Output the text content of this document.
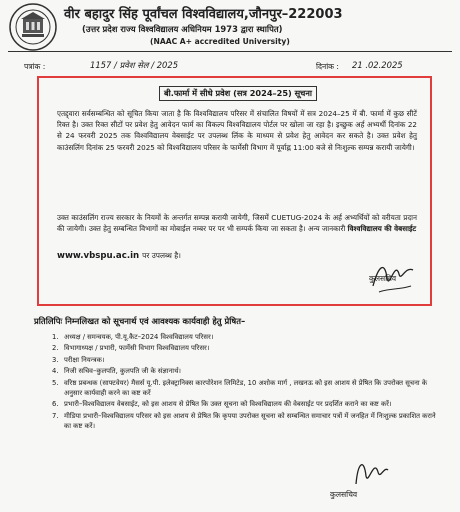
वीर बहादुर सिंह पूर्वांचल विश्वविद्यालय,जौनपुर–222003
(उत्तर प्रदेश राज्य विश्वविद्यालय अधिनियम 1973 द्वारा स्थापित)
(NAAC A+ accredited University)
पत्रांक :	1157 / प्रवेश सेल / 2025	दिनांक : 21 .02.2025
बी.फार्मा में सीधे प्रवेश (सत्र 2024–25) सूचना

एतद्द्वारा सर्वसम्बन्धित को सूचित किया जाता है कि विश्वविद्यालय परिसर में संचालित विषयों में सत्र 2024–25 में बी. फार्मा में कुछ सीटें रिक्त है। उक्त रिक्त सीटों पर प्रवेश हेतु आवेदन फार्म का विकल्प विश्वविद्यालय पोर्टल पर खोला जा रहा है। इच्छुक अर्ह अभ्यर्थी दिनांक 22 से 24 फरवरी 2025 तक विश्वविद्यालय वेबसाईट पर उपलब्ध लिंक के माध्यम से प्रवेश हेतु आवेदन कर सकते है। उक्त प्रवेश हेतु काउंसलिंग दिनांक 25 फरवरी 2025 को विश्वविद्यालय परिसर के फार्मेसी विभाग में पूर्वाह्न 11:00 बजे से निःशुल्क सम्पन्न करायी जायेगी।

उक्त काउंसलिंग राज्य सरकार के नियमों के अन्तर्गत सम्पन्न करायी जायेगी, जिसमें CUETUG-2024 के अर्ह अभ्यर्थियों को वरीयता प्रदान की जायेगी। उक्त हेतु सम्बन्धित विभागों का मोबाईल नम्बर पर पर भी सम्पर्क किया जा सकता है। अन्य जानकारी विश्वविद्यालय की वेबसाईट

www.vbspu.ac.in पर उपलब्ध है।
कुलसचिव
प्रतिलिपिः निम्नलिखत को सूचनार्थ एवं आवश्यक कार्यवाही हेतु प्रेषित–
1. अध्यक्ष / समन्वयक, पी.यू.कैट–2024 विश्वविद्यालय परिसर।
2. विभागाध्यक्ष / प्रभारी, फार्मेसी विभाग विश्वविद्यालय परिसर।
3. परीक्षा नियन्त्रक।
4. निजी सचिव–कुलपति, कुलपति जी के संज्ञानार्थ।
5. वरिष्ठ प्रबन्धक (साफ्टवेयर) मैसर्स यू.पी. इलेक्ट्रानिक्स कारपोरेशन लिमिटेड, 10 अशोक मार्ग , लखनऊ को इस आशय से प्रेषित कि उपरोक्त सूचना के अनुसार कार्यवाही करने का कष्ट करें
6. प्रभारी–विश्वविद्यालय वेबसाईट, को इस आशय से प्रेषित कि उक्त सूचना को विश्वविद्यालय की वेबसाईट पर प्रदर्शित कराने का कष्ट करें।
7. मीडिया प्रभारी–विश्वविद्यालय परिसर को इस आशय से प्रेषित कि कृपया उपरोक्त सूचना को सम्बन्धित समाचार पत्रों में जनहित में निःशुल्क प्रकाशित कराने का कष्ट करें।
कुलसचिव
